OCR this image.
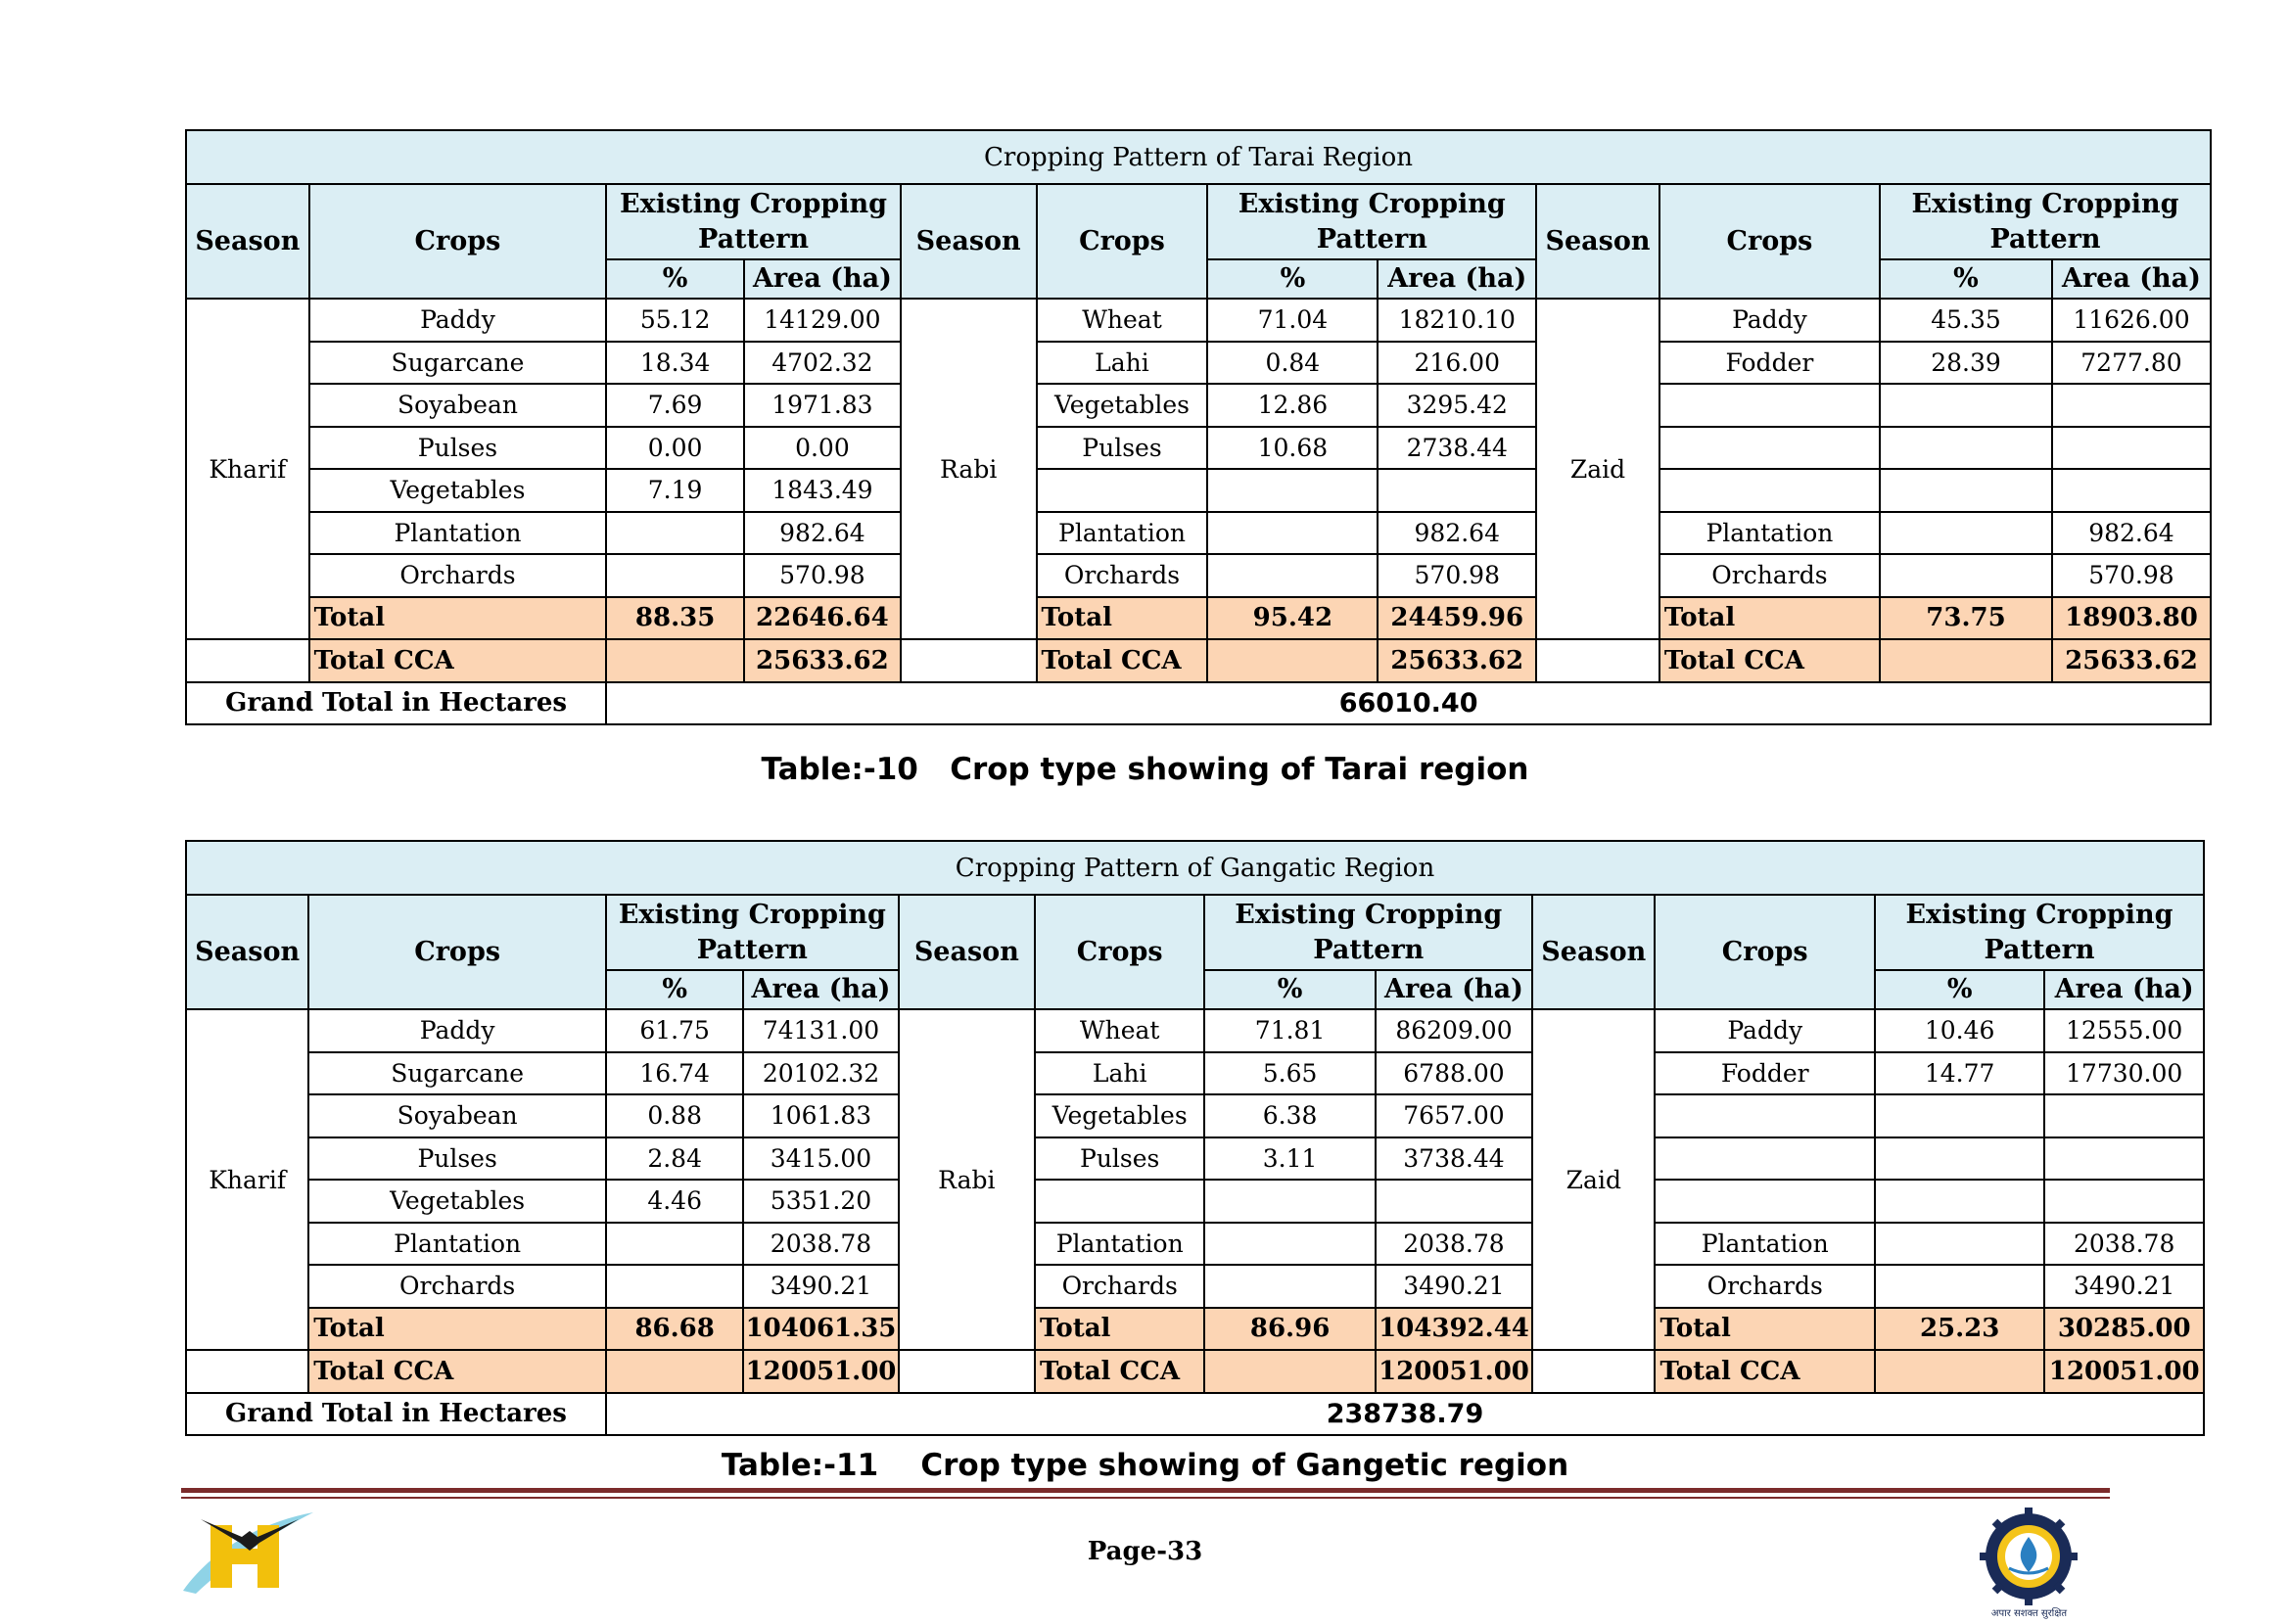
Cropping Pattern of Tarai Region											
Season	Crops	Existing Cropping Pattern		Season	Crops	Existing Cropping Pattern		Season	Crops	Existing Cropping Pattern	
		%	Area (ha)			%	Area (ha)			%	Area (ha)
Kharif	Paddy	55.12	14129.00	Rabi	Wheat	71.04	18210.10	Zaid	Paddy	45.35	11626.00
	Sugarcane	18.34	4702.32		Lahi	0.84	216.00		Fodder	28.39	7277.80
	Soyabean	7.69	1971.83		Vegetables	12.86	3295.42				
	Pulses	0.00	0.00		Pulses	10.68	2738.44				
	Vegetables	7.19	1843.49								
	Plantation		982.64		Plantation		982.64		Plantation		982.64
	Orchards		570.98		Orchards		570.98		Orchards		570.98
	Total	88.35	22646.64		Total	95.42	24459.96		Total	73.75	18903.80
	Total CCA		25633.62		Total CCA		25633.62		Total CCA		25633.62
Grand Total in Hectares		66010.40									
Table:-10   Crop type showing of Tarai region
Cropping Pattern of Gangatic Region											
Season	Crops	Existing Cropping Pattern		Season	Crops	Existing Cropping Pattern		Season	Crops	Existing Cropping Pattern	
		%	Area (ha)			%	Area (ha)			%	Area (ha)
Kharif	Paddy	61.75	74131.00	Rabi	Wheat	71.81	86209.00	Zaid	Paddy	10.46	12555.00
	Sugarcane	16.74	20102.32		Lahi	5.65	6788.00		Fodder	14.77	17730.00
	Soyabean	0.88	1061.83		Vegetables	6.38	7657.00				
	Pulses	2.84	3415.00		Pulses	3.11	3738.44				
	Vegetables	4.46	5351.20								
	Plantation		2038.78		Plantation		2038.78		Plantation		2038.78
	Orchards		3490.21		Orchards		3490.21		Orchards		3490.21
	Total	86.68	104061.35		Total	86.96	104392.44		Total	25.23	30285.00
	Total CCA		120051.00		Total CCA		120051.00		Total CCA		120051.00
Grand Total in Hectares		238738.79									
Table:-11    Crop type showing of Gangetic region
Page-33
अपार सशक्त सुरक्षित
